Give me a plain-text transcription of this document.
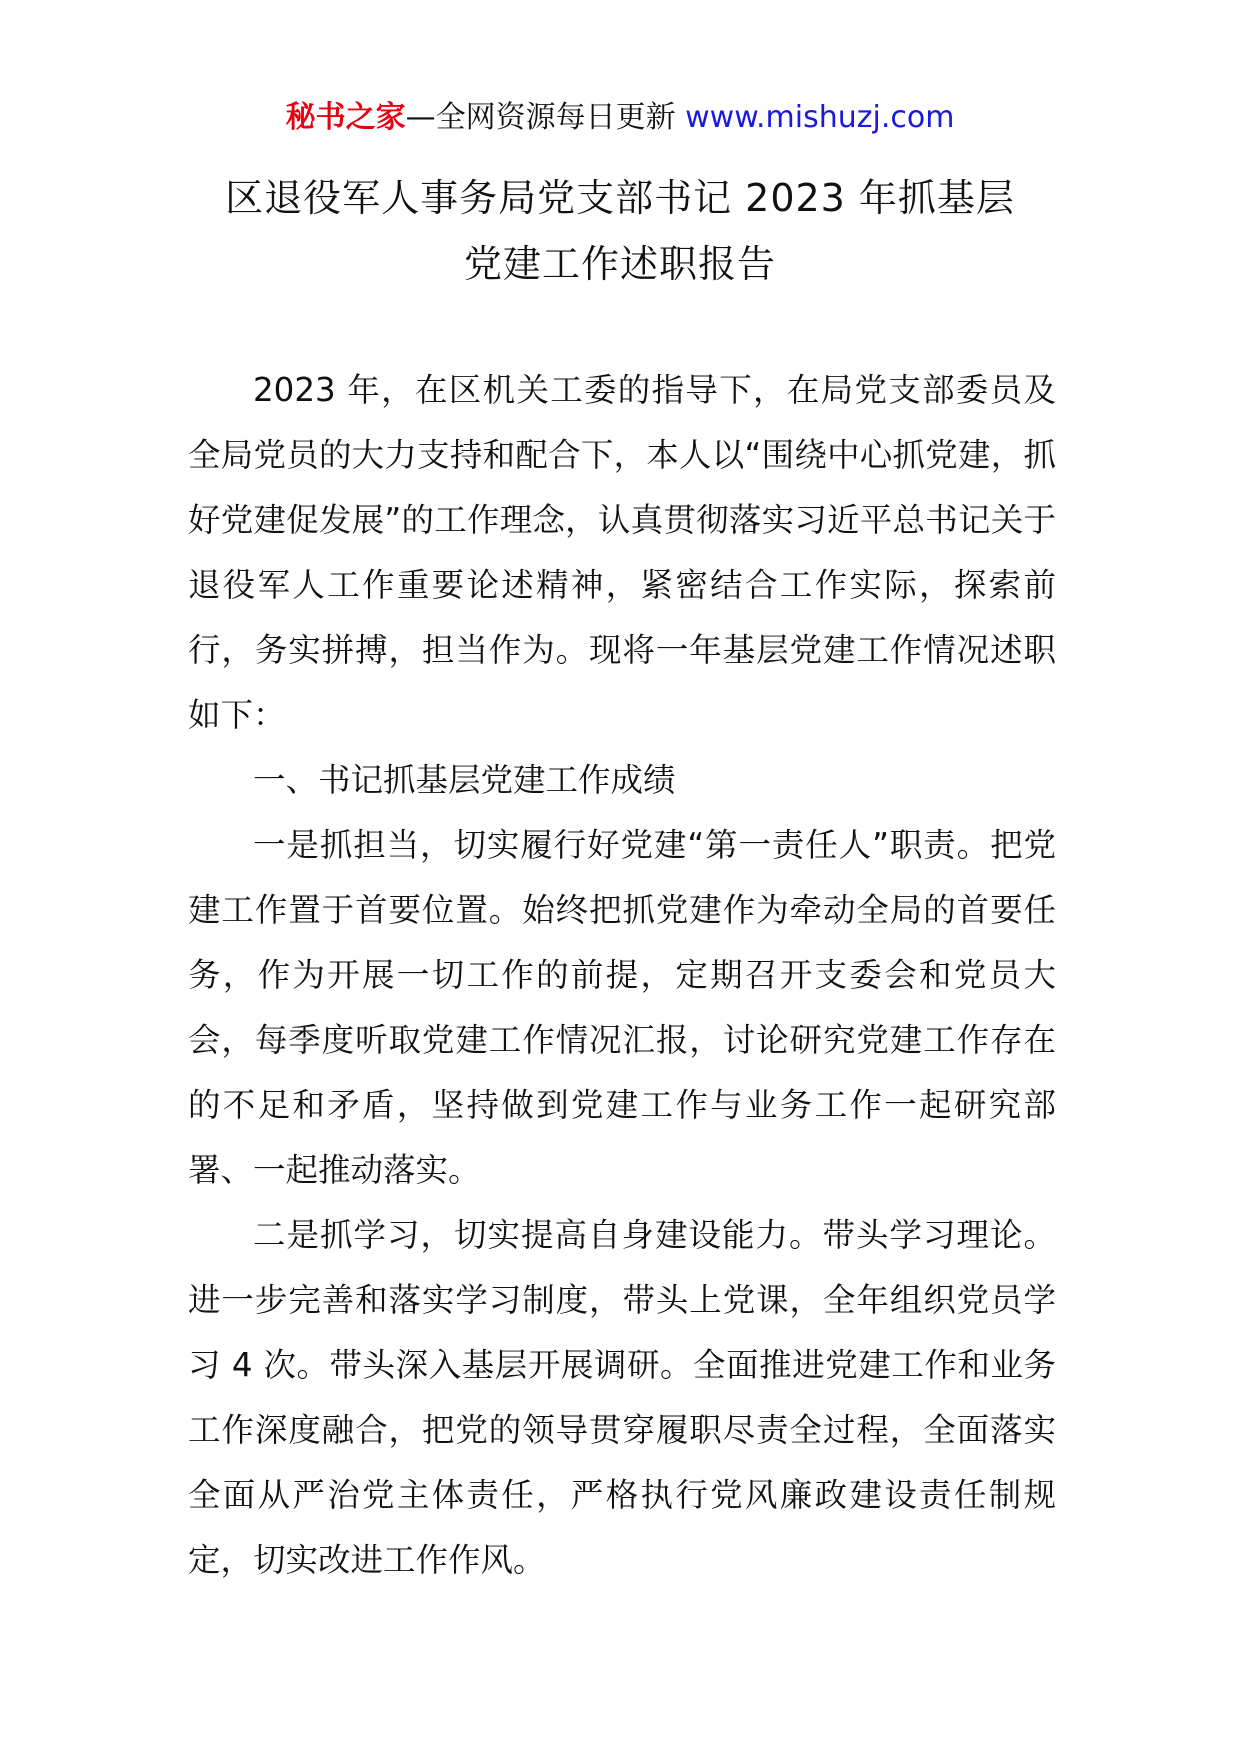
秘书之家—全网资源每日更新 www.mishuzj.com
区退役军人事务局党支部书记 2023 年抓基层
党建工作述职报告

2023 年，在区机关工委的指导下，在局党支部委员及全局党员的大力支持和配合下，本人以“围绕中心抓党建，抓好党建促发展”的工作理念，认真贯彻落实习近平总书记关于退役军人工作重要论述精神，紧密结合工作实际，探索前行，务实拼搏，担当作为。现将一年基层党建工作情况述职如下：

一、书记抓基层党建工作成绩

一是抓担当，切实履行好党建“第一责任人”职责。把党建工作置于首要位置。始终把抓党建作为牵动全局的首要任务，作为开展一切工作的前提，定期召开支委会和党员大会，每季度听取党建工作情况汇报，讨论研究党建工作存在的不足和矛盾，坚持做到党建工作与业务工作一起研究部署、一起推动落实。

二是抓学习，切实提高自身建设能力。带头学习理论。进一步完善和落实学习制度，带头上党课，全年组织党员学习 4 次。带头深入基层开展调研。全面推进党建工作和业务工作深度融合，把党的领导贯穿履职尽责全过程，全面落实全面从严治党主体责任，严格执行党风廉政建设责任制规定，切实改进工作作风。
